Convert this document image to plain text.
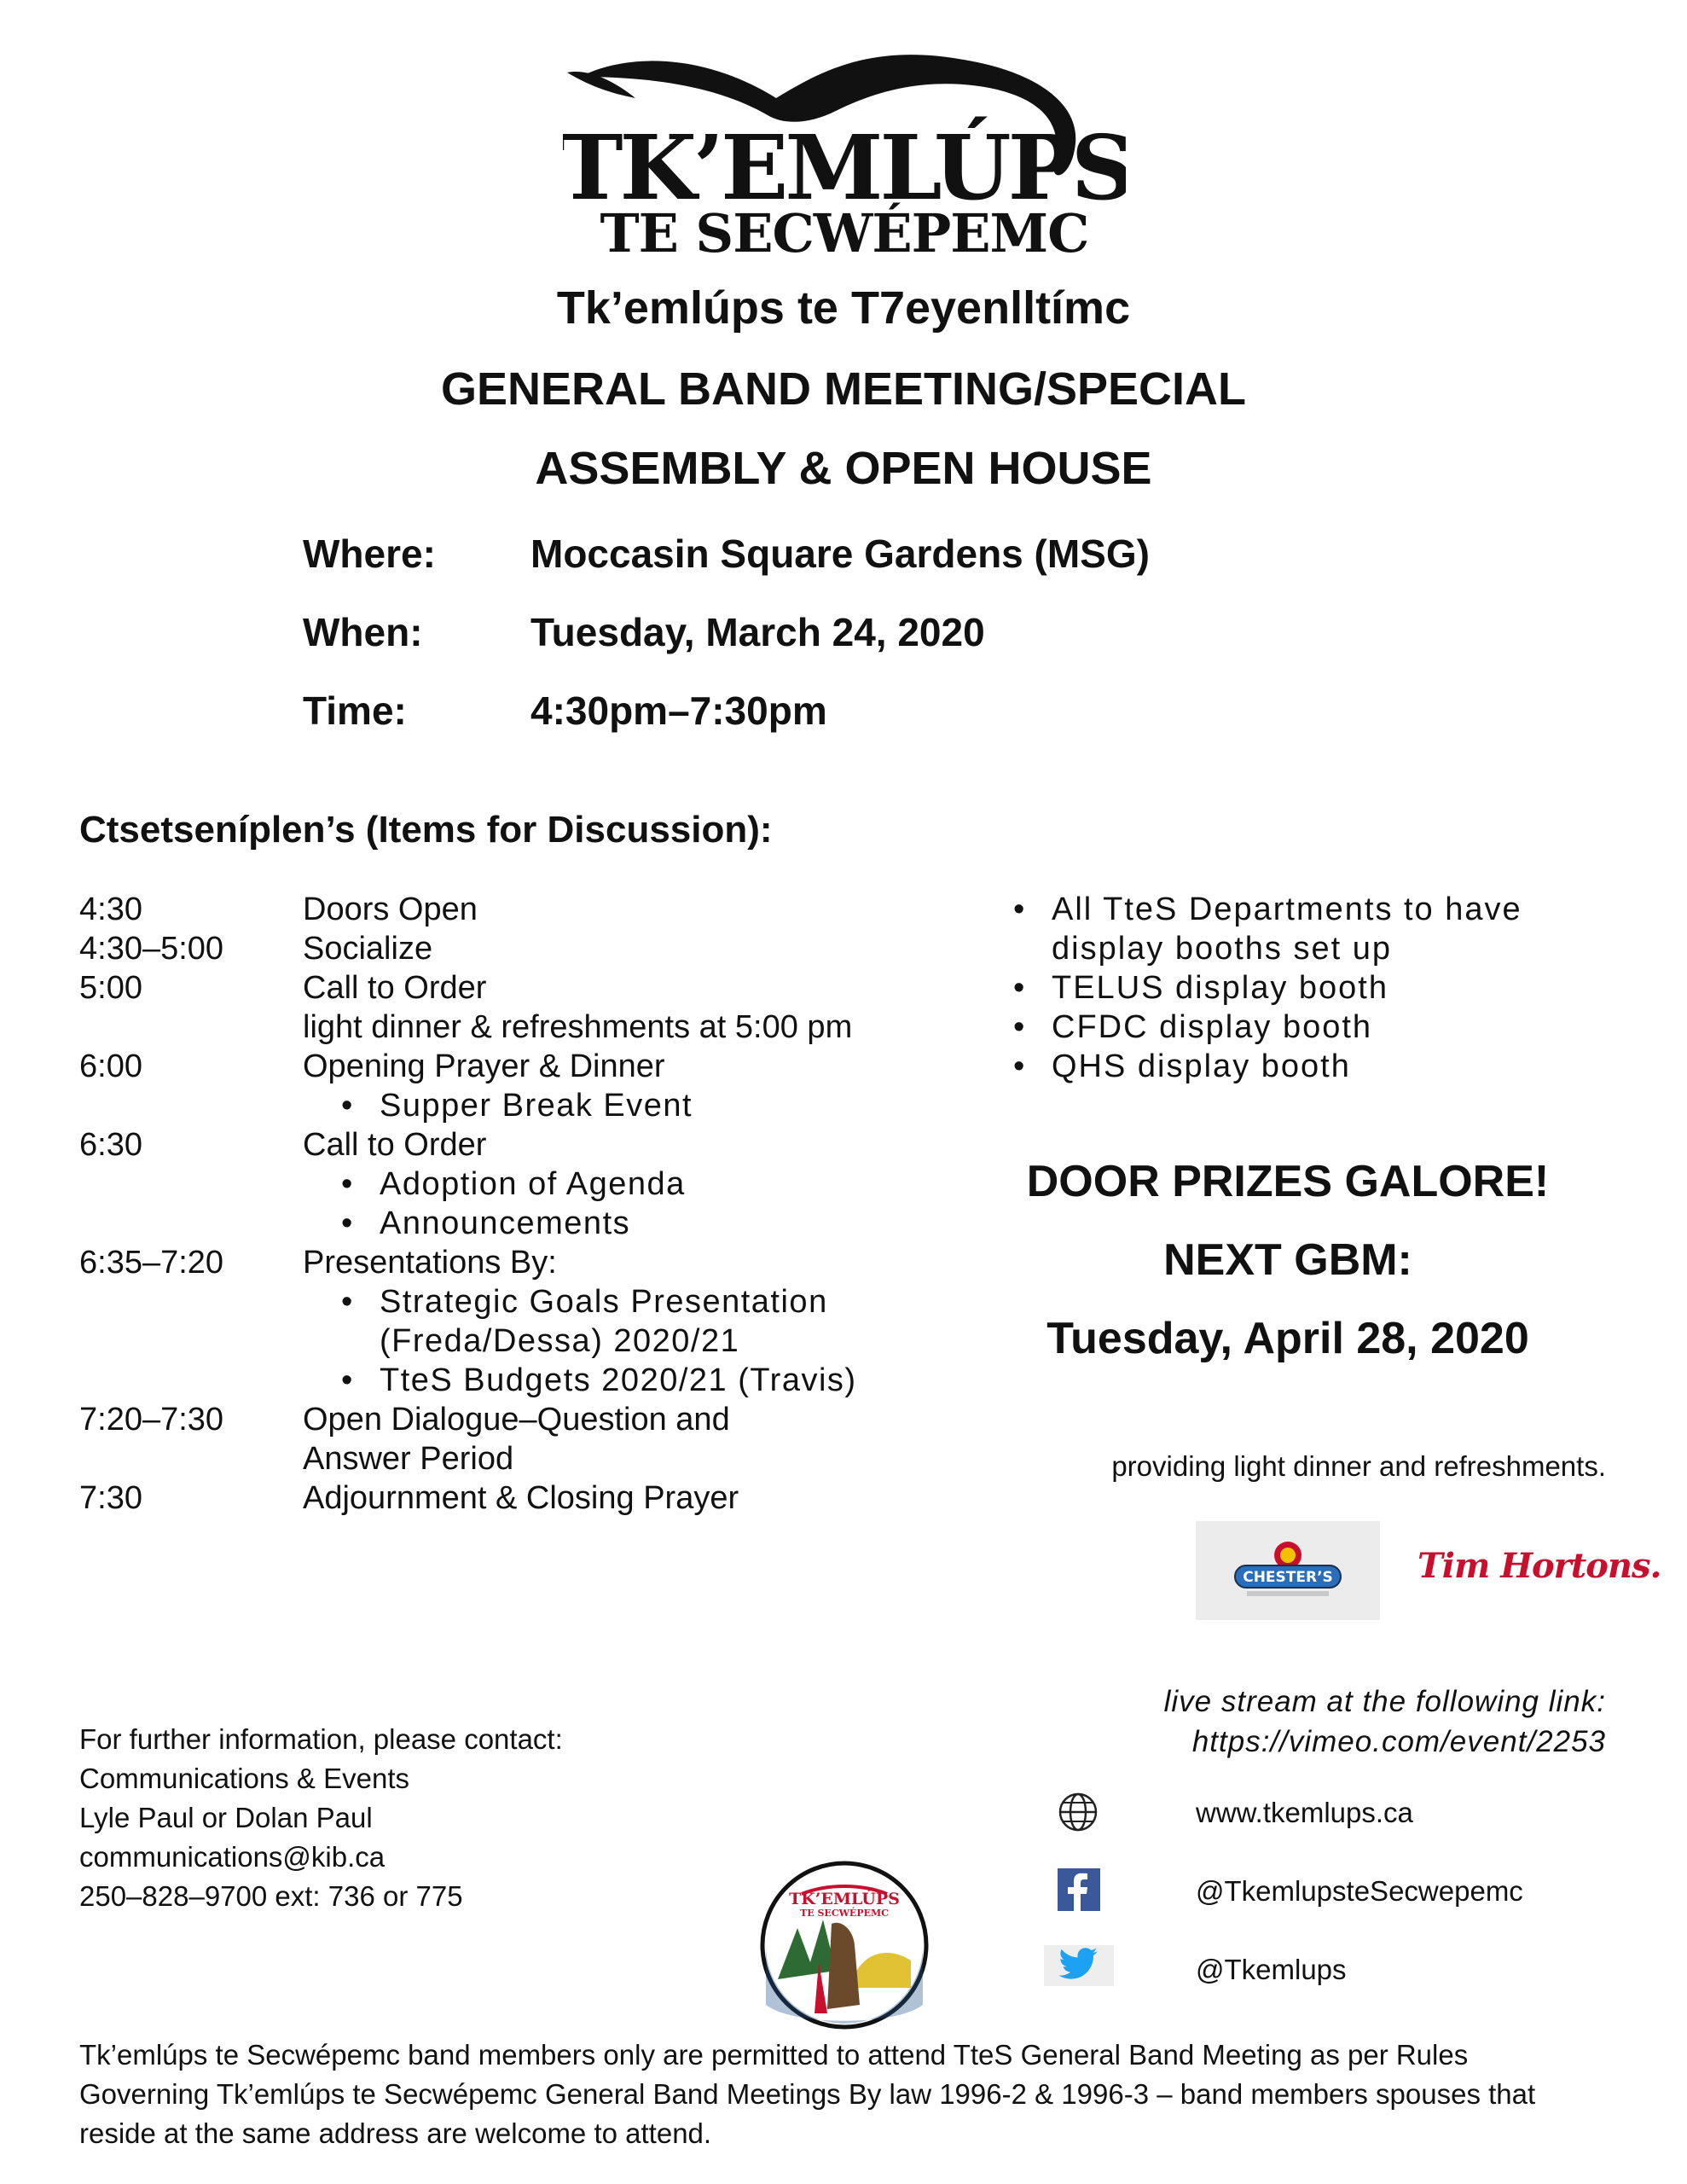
TK’EMLÚPS
TE SECWÉPEMC
Tk’emlúps te T7eyenlltímc
GENERAL BAND MEETING/SPECIAL
ASSEMBLY & OPEN HOUSE
Where: Moccasin Square Gardens (MSG)
When:	Tuesday, March 24, 2020
Time:	4:30pm–7:30pm
Ctsetseníplen’s (Items for Discussion):
4:30	Doors Open
4:30–5:00 Socialize
5:00	Call to Order
light dinner & refreshments at 5:00 pm
6:00	Opening Prayer & Dinner
• Supper Break Event
6:30	Call to Order
• Adoption of Agenda
• Announcements
6:35–7:20 Presentations By:
• Strategic Goals Presentation
(Freda/Dessa) 2020/21
• TteS Budgets 2020/21 (Travis)
7:20–7:30 Open Dialogue–Question and
Answer Period
7:30	Adjournment & Closing Prayer
• All TteS Departments to have
display booths set up
• TELUS display booth
• CFDC display booth
• QHS display booth
DOOR PRIZES GALORE!
NEXT GBM:
Tuesday, April 28, 2020
providing light dinner and refreshments.
CHESTER’S Tim Hortons.
live stream at the following link:
https://vimeo.com/event/2253
For further information, please contact:
Communications & Events
Lyle Paul or Dolan Paul
communications@kib.ca
250–828–9700 ext: 736 or 775	TK’EMLÚPS
TE SECWÉPEMC
www.tkemlups.ca
@TkemlupsteSecwepemc
@Tkemlups
Tk’emlúps te Secwépemc band members only are permitted to attend TteS General Band Meeting as per Rules
Governing Tk’emlúps te Secwépemc General Band Meetings By law 1996-2 & 1996-3 – band members spouses that
reside at the same address are welcome to attend.
